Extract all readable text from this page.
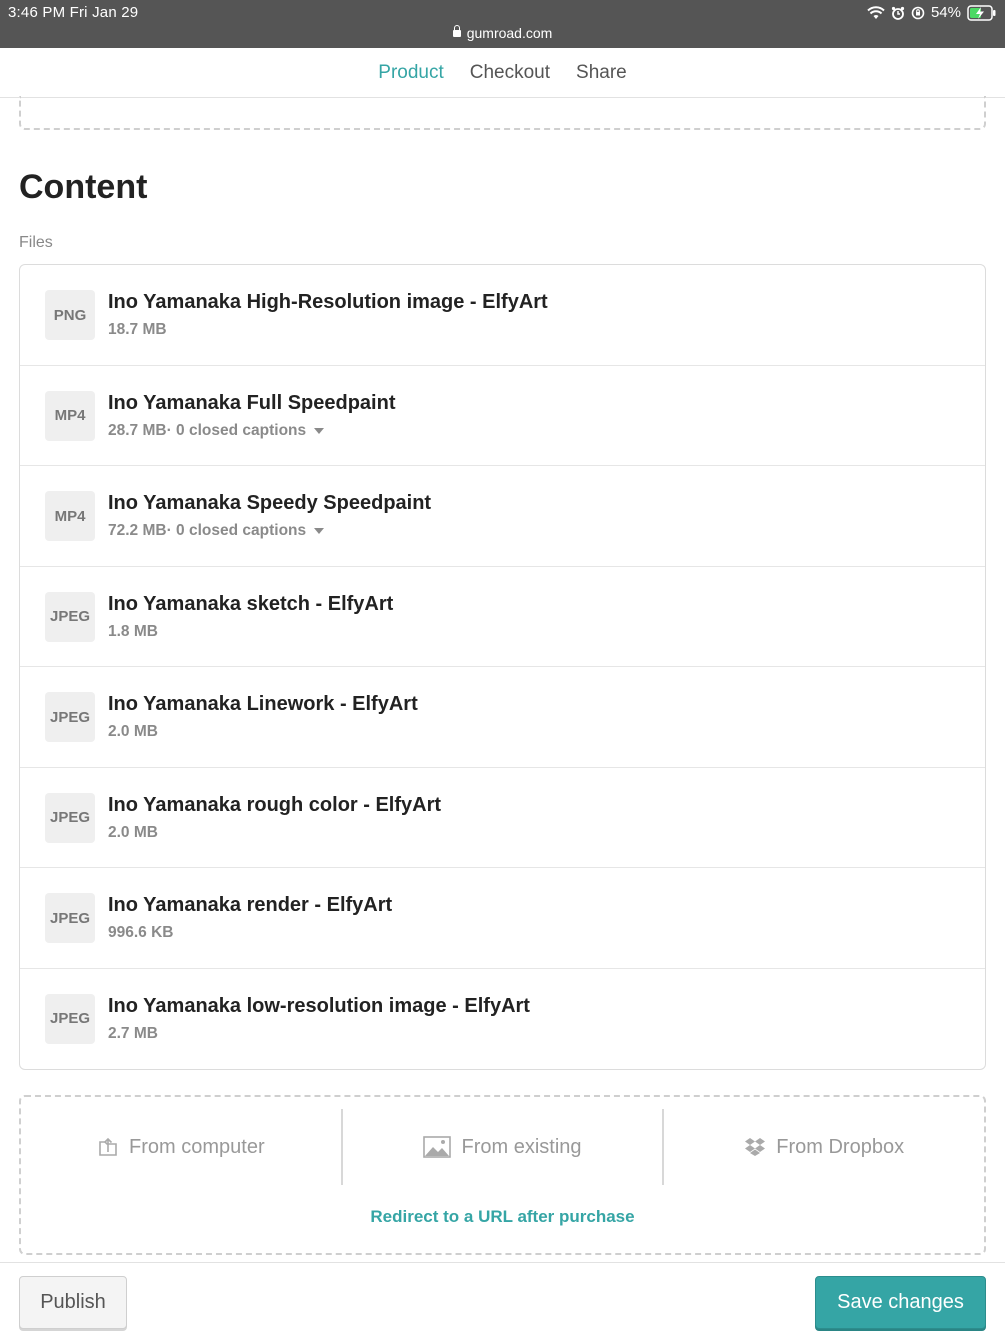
3:46 PM Fri Jan 29
gumroad.com
54%
Product Checkout Share
Content
Files
PNG
Ino Yamanaka High-Resolution image - ElfyArt
18.7 MB
MP4
Ino Yamanaka Full Speedpaint
28.7 MB · 0 closed captions
MP4
Ino Yamanaka Speedy Speedpaint
72.2 MB · 0 closed captions
JPEG
Ino Yamanaka sketch - ElfyArt
1.8 MB
JPEG
Ino Yamanaka Linework - ElfyArt
2.0 MB
JPEG
Ino Yamanaka rough color - ElfyArt
2.0 MB
JPEG
Ino Yamanaka render - ElfyArt
996.6 KB
JPEG
Ino Yamanaka low-resolution image - ElfyArt
2.7 MB
From computer	From existing	From Dropbox
Redirect to a URL after purchase
Publish	Save changes
